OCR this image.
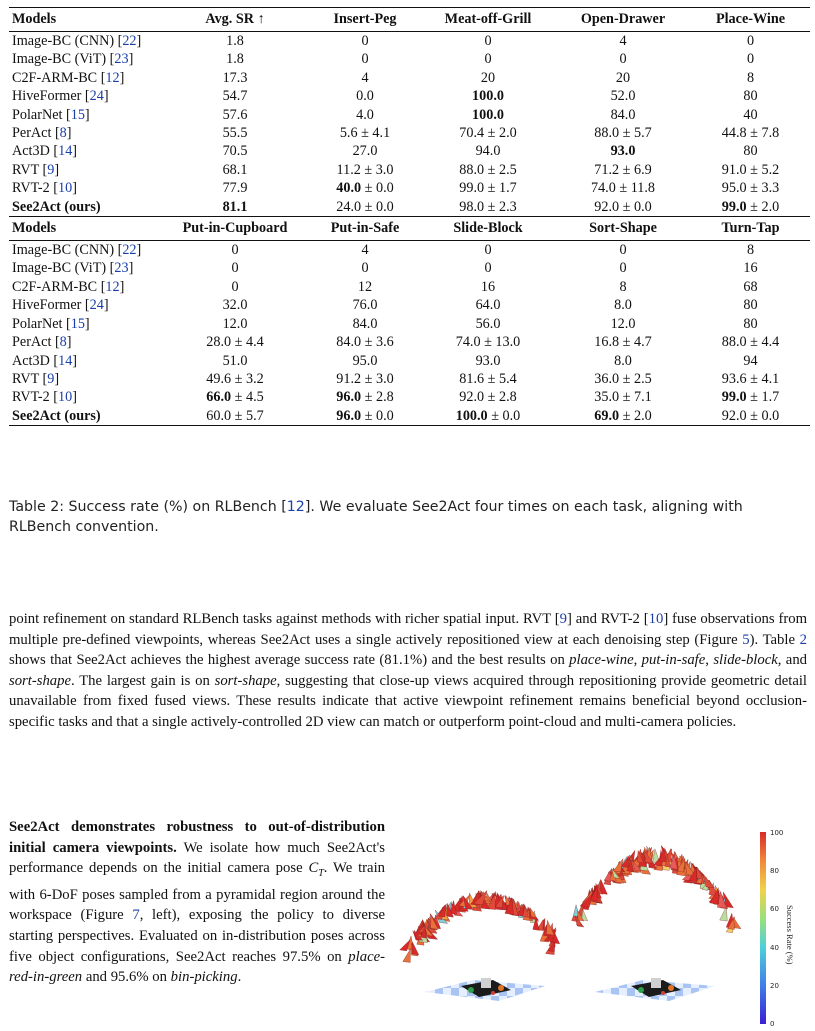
Models	Avg. SR ↑	Insert-Peg	Meat-off-Grill	Open-Drawer	Place-Wine
Image-BC (CNN) [22]	1.8	0	0	4	0
Image-BC (ViT) [23]	1.8	0	0	0	0
C2F-ARM-BC [12]	17.3	4	20	20	8
HiveFormer [24]	54.7	0.0	100.0	52.0	80
PolarNet [15]	57.6	4.0	100.0	84.0	40
PerAct [8]	55.5	5.6 ± 4.1	70.4 ± 2.0	88.0 ± 5.7	44.8 ± 7.8
Act3D [14]	70.5	27.0	94.0	93.0	80
RVT [9]	68.1	11.2 ± 3.0	88.0 ± 2.5	71.2 ± 6.9	91.0 ± 5.2
RVT-2 [10]	77.9	40.0 ± 0.0	99.0 ± 1.7	74.0 ± 11.8	95.0 ± 3.3
See2Act (ours)	81.1	24.0 ± 0.0	98.0 ± 2.3	92.0 ± 0.0	99.0 ± 2.0
Models	Put-in-Cupboard	Put-in-Safe	Slide-Block	Sort-Shape	Turn-Tap
Image-BC (CNN) [22]	0	4	0	0	8
Image-BC (ViT) [23]	0	0	0	0	16
C2F-ARM-BC [12]	0	12	16	8	68
HiveFormer [24]	32.0	76.0	64.0	8.0	80
PolarNet [15]	12.0	84.0	56.0	12.0	80
PerAct [8]	28.0 ± 4.4	84.0 ± 3.6	74.0 ± 13.0	16.8 ± 4.7	88.0 ± 4.4
Act3D [14]	51.0	95.0	93.0	8.0	94
RVT [9]	49.6 ± 3.2	91.2 ± 3.0	81.6 ± 5.4	36.0 ± 2.5	93.6 ± 4.1
RVT-2 [10]	66.0 ± 4.5	96.0 ± 2.8	92.0 ± 2.8	35.0 ± 7.1	99.0 ± 1.7
See2Act (ours)	60.0 ± 5.7	96.0 ± 0.0	100.0 ± 0.0	69.0 ± 2.0	92.0 ± 0.0
Table 2: Success rate (%) on RLBench [12]. We evaluate See2Act four times on each task, aligning with RLBench convention.

point refinement on standard RLBench tasks against methods with richer spatial input. RVT [9] and RVT-2 [10] fuse observations from multiple pre-defined viewpoints, whereas See2Act uses a single actively repositioned view at each denoising step (Figure 5). Table 2 shows that See2Act achieves the highest average success rate (81.1%) and the best results on place-wine, put-in-safe, slide-block, and sort-shape. The largest gain is on sort-shape, suggesting that close-up views acquired through repositioning provide geometric detail unavailable from fixed fused views. These results indicate that active viewpoint refinement remains beneficial beyond occlusion-specific tasks and that a single actively-controlled 2D view can match or outperform point-cloud and multi-camera policies.

See2Act demonstrates robustness to out-of-distribution initial camera viewpoints. We isolate how much See2Act's performance depends on the initial camera pose $C_T$. We train with 6-DoF poses sampled from a pyramidal region around the workspace (Figure 7, left), exposing the policy to diverse starting perspectives. Evaluated on in-distribution poses across five object configurations, See2Act reaches 97.5% on place-red-in-green and 95.6% on bin-picking.

100
80
60
40
20
0
Success Rate (%)
